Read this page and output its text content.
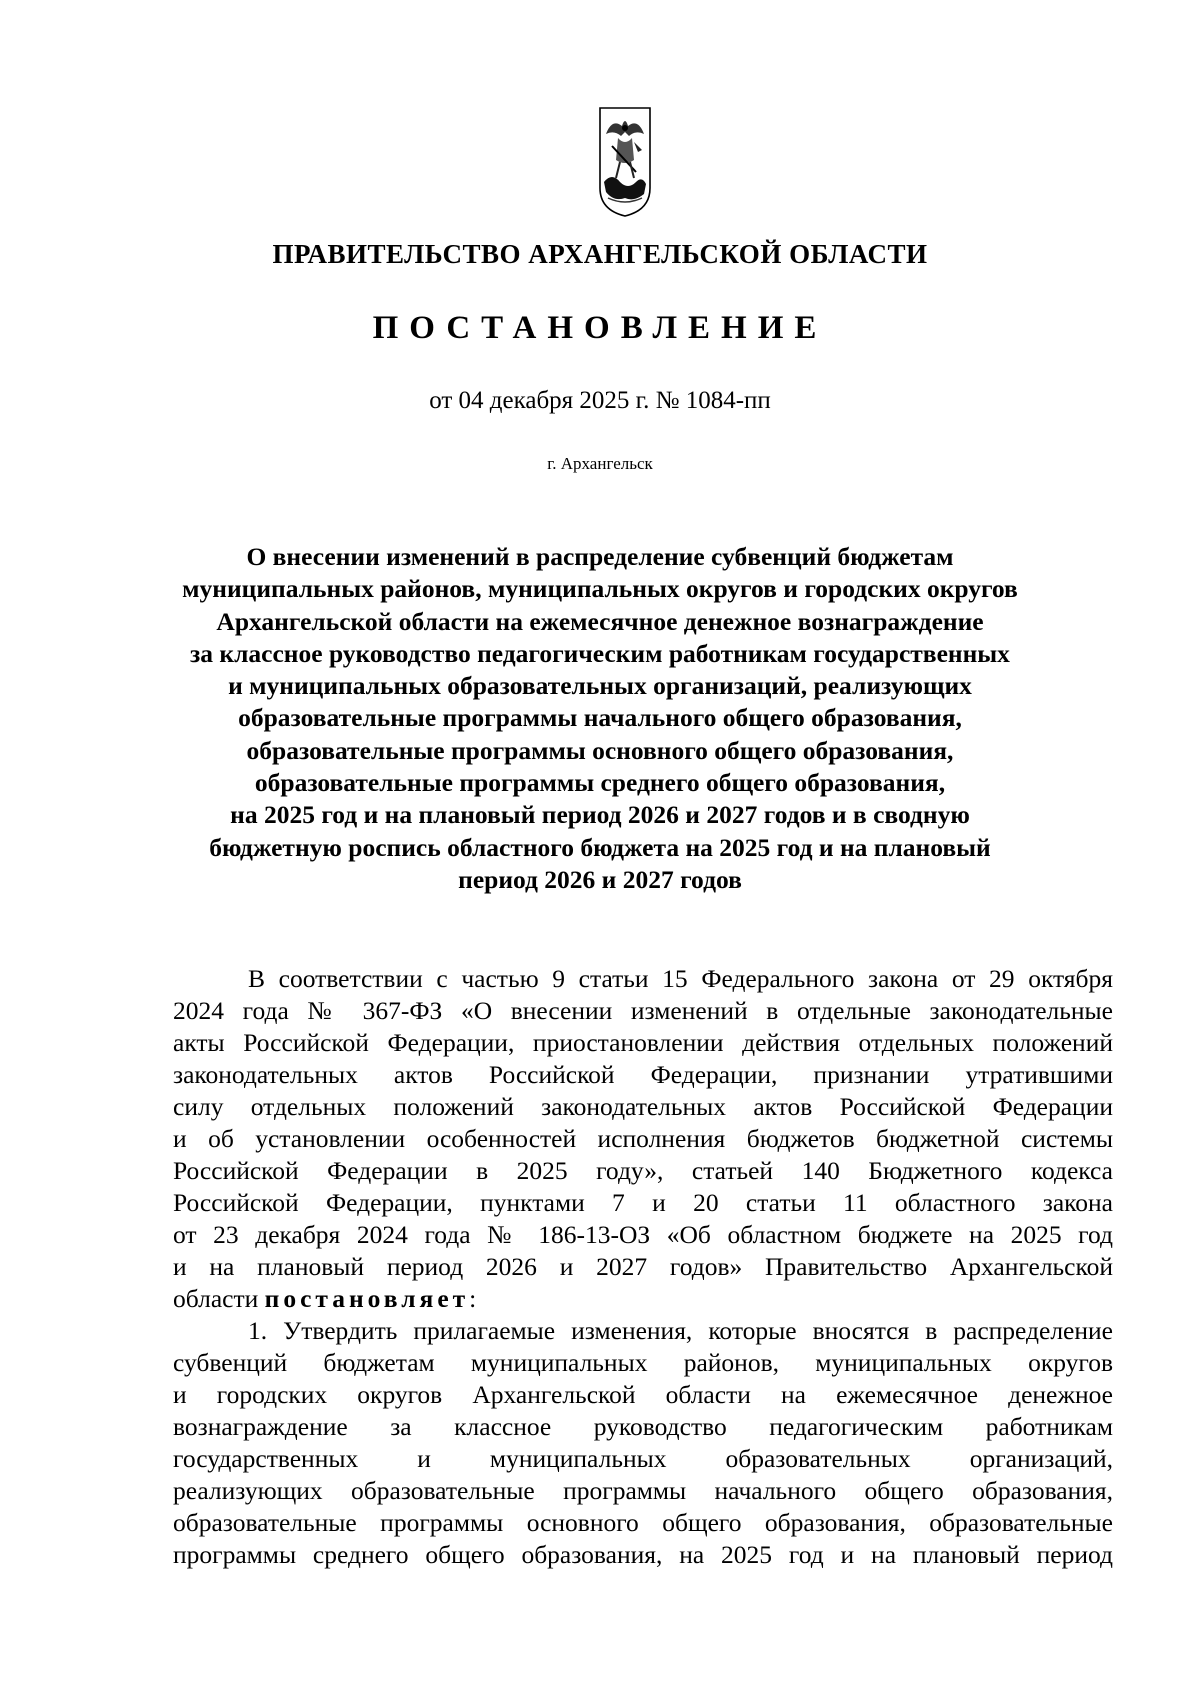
ПРАВИТЕЛЬСТВО АРХАНГЕЛЬСКОЙ ОБЛАСТИ
ПОСТАНОВЛЕНИЕ
от 04 декабря 2025 г. № 1084-пп
г. Архангельск
О внесении изменений в распределение субвенций бюджетам
муниципальных районов, муниципальных округов и городских округов
Архангельской области на ежемесячное денежное вознаграждение
за классное руководство педагогическим работникам государственных
и муниципальных образовательных организаций, реализующих
образовательные программы начального общего образования,
образовательные программы основного общего образования,
образовательные программы среднего общего образования,
на 2025 год и на плановый период 2026 и 2027 годов и в сводную
бюджетную роспись областного бюджета на 2025 год и на плановый
период 2026 и 2027 годов
В соответствии с частью 9 статьи 15 Федерального закона от 29 октября
2024 года № 367-ФЗ «О внесении изменений в отдельные законодательные
акты Российской Федерации, приостановлении действия отдельных положений
законодательных актов Российской Федерации, признании утратившими
силу отдельных положений законодательных актов Российской Федерации
и об установлении особенностей исполнения бюджетов бюджетной системы
Российской Федерации в 2025 году», статьей 140 Бюджетного кодекса
Российской Федерации, пунктами 7 и 20 статьи 11 областного закона
от 23 декабря 2024 года № 186-13-ОЗ «Об областном бюджете на 2025 год
и на плановый период 2026 и 2027 годов» Правительство Архангельской
области постановляет:
1. Утвердить прилагаемые изменения, которые вносятся в распределение
субвенций бюджетам муниципальных районов, муниципальных округов
и городских округов Архангельской области на ежемесячное денежное
вознаграждение за классное руководство педагогическим работникам
государственных и муниципальных образовательных организаций,
реализующих образовательные программы начального общего образования,
образовательные программы основного общего образования, образовательные
программы среднего общего образования, на 2025 год и на плановый период
